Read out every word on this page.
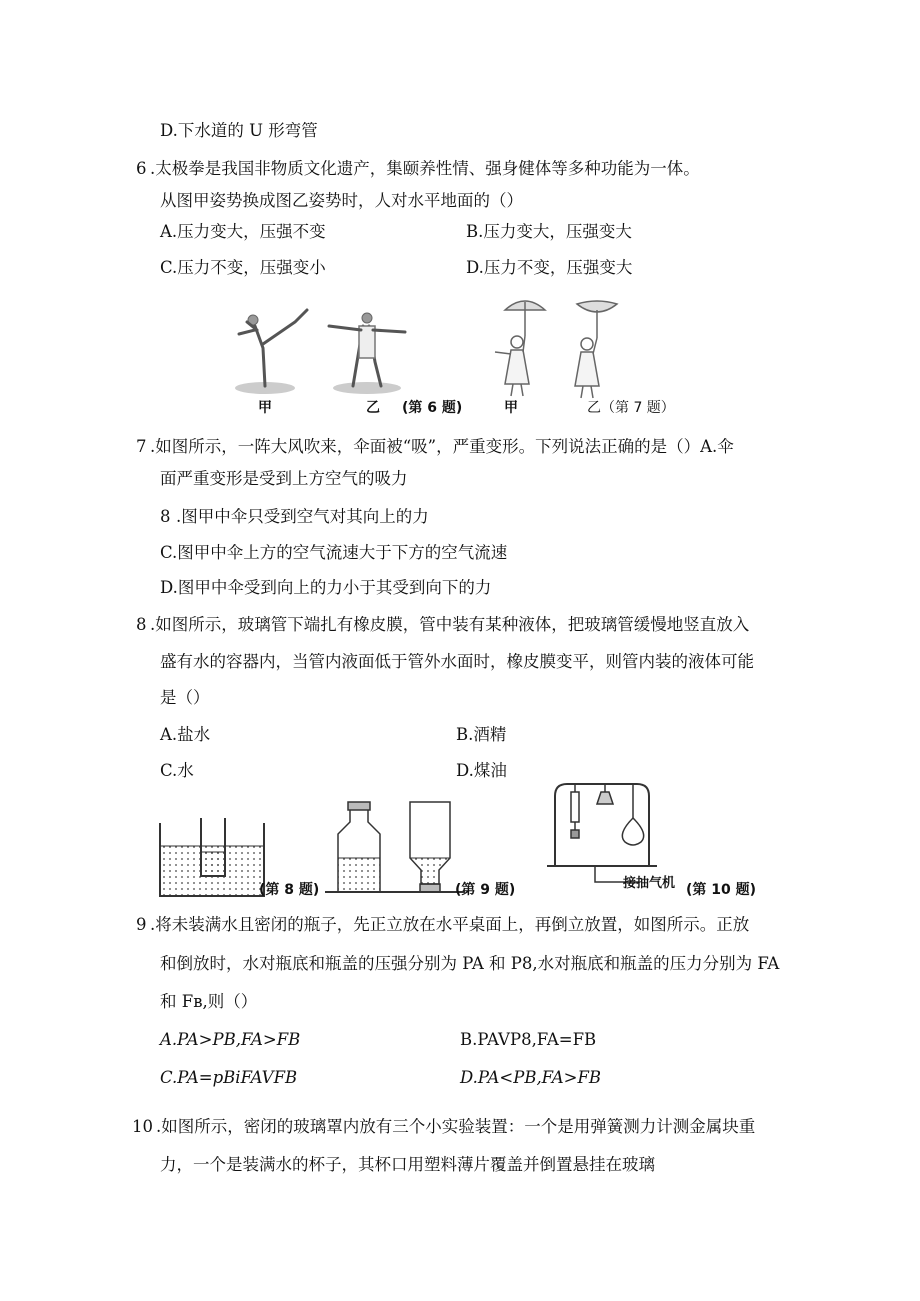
D.下水道的 U 形弯管
6 .太极拳是我国非物质文化遗产，集颐养性情、强身健体等多种功能为一体。
从图甲姿势换成图乙姿势时，人对水平地面的（）
A.压力变大，压强不变	B.压力变大，压强变大
C.压力不变，压强变小	D.压力不变，压强变大
甲	乙 (第 6 题)	甲	乙（第 7 题）
7 .如图所示，一阵大风吹来，伞面被“吸”，严重变形。下列说法正确的是（）A.伞
面严重变形是受到上方空气的吸力
8 .图甲中伞只受到空气对其向上的力
C.图甲中伞上方的空气流速大于下方的空气流速
D.图甲中伞受到向上的力小于其受到向下的力
8 .如图所示，玻璃管下端扎有橡皮膜，管中装有某种液体，把玻璃管缓慢地竖直放入
盛有水的容器内，当管内液面低于管外水面时，橡皮膜变平，则管内装的液体可能
是（）
A.盐水	B.酒精
C.水	D.煤油
(第 8 题)	(第 9 题)	接抽气机 (第 10 题)
9 .将未装满水且密闭的瓶子，先正立放在水平桌面上，再倒立放置，如图所示。正放
和倒放时，水对瓶底和瓶盖的压强分别为 PA 和 P8,水对瓶底和瓶盖的压力分别为 FA
和 Fв,则（）
A.PA>PB,FA>FB	B.PAVP8,FA=FB
C.PA=pBiFAVFB	D.PA<PB,FA>FB
10 .如图所示，密闭的玻璃罩内放有三个小实验装置：一个是用弹簧测力计测金属块重
力，一个是装满水的杯子，其杯口用塑料薄片覆盖并倒置悬挂在玻璃
